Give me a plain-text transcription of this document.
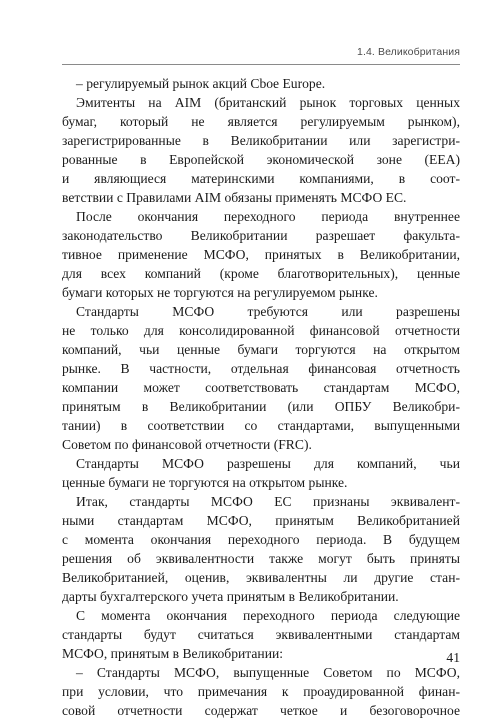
1.4. Великобритания
– регулируемый рынок акций Cboe Europe.
Эмитенты на AIM (британский рынок торговых ценных
бумаг, который не является регулируемым рынком),
зарегистрированные в Великобритании или зарегистри-
рованные в Европейской экономической зоне (EEA)
и являющиеся материнскими компаниями, в соот-
ветствии с Правилами AIM обязаны применять МСФО ЕС.
После окончания переходного периода внутреннее
законодательство Великобритании разрешает факульта-
тивное применение МСФО, принятых в Великобритании,
для всех компаний (кроме благотворительных), ценные
бумаги которых не торгуются на регулируемом рынке.
Стандарты МСФО требуются или разрешены
не только для консолидированной финансовой отчетности
компаний, чьи ценные бумаги торгуются на открытом
рынке. В частности, отдельная финансовая отчетность
компании может соответствовать стандартам МСФО,
принятым в Великобритании (или ОПБУ Великобри-
тании) в соответствии со стандартами, выпущенными
Советом по финансовой отчетности (FRC).
Стандарты МСФО разрешены для компаний, чьи
ценные бумаги не торгуются на открытом рынке.
Итак, стандарты МСФО ЕС признаны эквивалент-
ными стандартам МСФО, принятым Великобританией
с момента окончания переходного периода. В будущем
решения об эквивалентности также могут быть приняты
Великобританией, оценив, эквивалентны ли другие стан-
дарты бухгалтерского учета принятым в Великобритании.
С момента окончания переходного периода следующие
стандарты будут считаться эквивалентными стандартам
МСФО, принятым в Великобритании:
– Стандарты МСФО, выпущенные Советом по МСФО,
при условии, что примечания к проаудированной финан-
совой отчетности содержат четкое и безоговорочное
41
